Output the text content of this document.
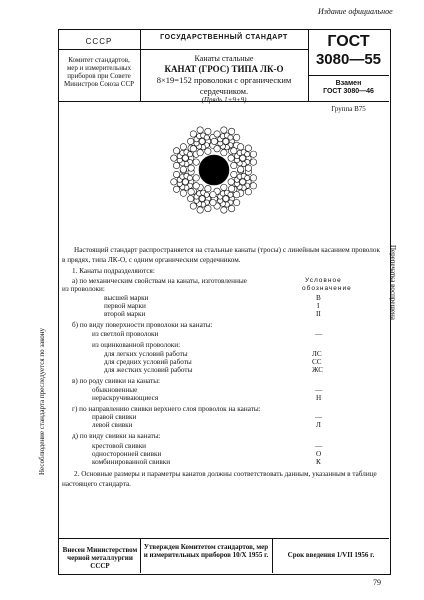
Издание официальное
СССР
Комитет стандартов, мер и измерительных приборов при Совете Министров Союза ССР
ГОСУДАРСТВЕННЫЙ СТАНДАРТ
Канаты стальные
КАНАТ (ГРОС) ТИПА ЛК-О
8×19=152 проволоки с органическим
сердечником.
(Прядь 1+9+9)
ГОСТ
3080—55
Взамен
ГОСТ 3080—46
Группа В75
Настоящий стандарт распространяется на стальные канаты (тросы) с линейным касанием проволок в прядях, типа ЛК-О, с одним органическим сердечником.
1. Канаты подразделяются:
а) по механическим свойствам на канаты, изготовленные	Условное
из проволоки:	обозначение
высшей марки	В
первой марки	I
второй марки	II
б) по виду поверхности проволоки на канаты:
из светлой проволоки	—
из оцинкованной проволоки:
для легких условий работы	ЛС
для средних условий работы	СС
для жестких условий работы	ЖС
в) по роду свивки на канаты:
обыкновенные	—
нераскручивающиеся	Н
г) по направлению свивки верхнего слоя проволок на канаты:
правой свивки	—
левой свивки	Л
д) по виду свивки на канаты:
крестовой свивки	—
односторонней свивки	О
комбинированной свивки	К
2. Основные размеры и параметры канатов должны соответствовать данным, указанным в таблице настоящего стандарта.
Внесен Министерством черной металлургии СССР
Утвержден Комитетом стандартов, мер и измерительных приборов 10/X 1955 г.	Срок введения 1/VII 1956 г.
79
Несоблюдение стандарта преследуется по закону
Перепечатка воспрещена
